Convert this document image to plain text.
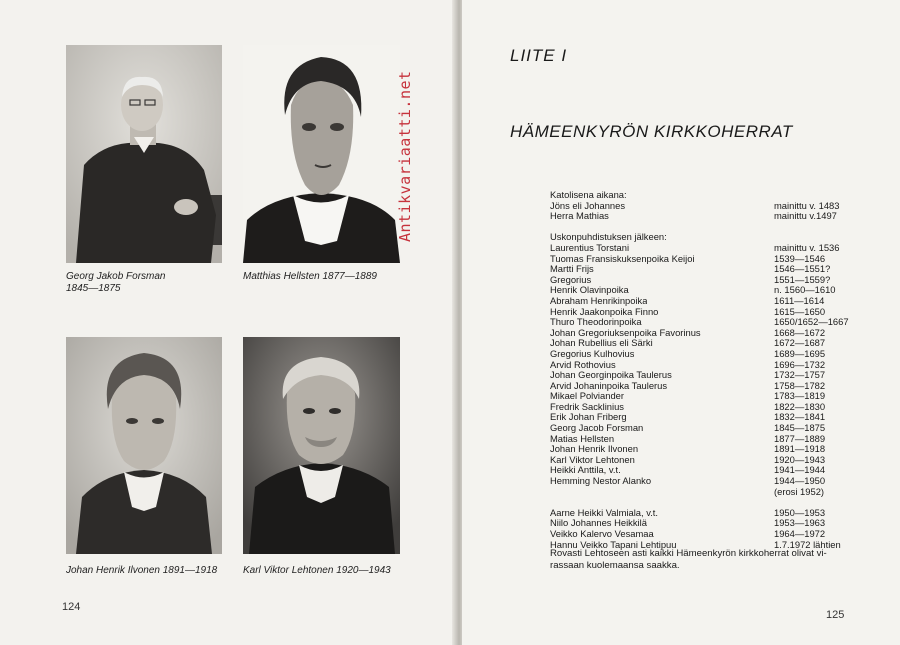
Georg Jakob Forsman
1845—1875
Matthias Hellsten 1877—1889
Johan Henrik Ilvonen 1891—1918	Karl Viktor Lehtonen 1920—1943
Antikvariaatti.net
124
LIITE I
HÄMEENKYRÖN KIRKKOHERRAT
Katolisena aikana:
Jöns eli Johannes	mainittu v. 1483
Herra Mathias	mainittu v.1497
Uskonpuhdistuksen jälkeen:
Laurentius Torstani	mainittu v. 1536
Tuomas Fransiskuksenpoika Keijoi	1539—1546
Martti Frijs	1546—1551?
Gregorius	1551—1559?
Henrik Olavinpoika	n. 1560—1610
Abraham Henrikinpoika	1611—1614
Henrik Jaakonpoika Finno	1615—1650
Thuro Theodorinpoika	1650/1652—1667
Johan Gregoriuksenpoika Favorinus	1668—1672
Johan Rubellius eli Särki	1672—1687
Gregorius Kulhovius	1689—1695
Arvid Rothovius	1696—1732
Johan Georginpoika Taulerus	1732—1757
Arvid Johaninpoika Taulerus	1758—1782
Mikael Polviander	1783—1819
Fredrik Sacklinius	1822—1830
Erik Johan Friberg	1832—1841
Georg Jacob Forsman	1845—1875
Matias Hellsten	1877—1889
Johan Henrik Ilvonen	1891—1918
Karl Viktor Lehtonen	1920—1943
Heikki Anttila, v.t.	1941—1944
Hemming Nestor Alanko	1944—1950
(erosi 1952)
Aarne Heikki Valmiala, v.t.	1950—1953
Niilo Johannes Heikkilä	1953—1963
Veikko Kalervo Vesamaa	1964—1972
Hannu Veikko Tapani Lehtipuu	1.7.1972 lähtien
Rovasti Lehtoseen asti kaikki Hämeenkyrön kirkkoherrat olivat vi-
rassaan kuolemaansa saakka.
125
